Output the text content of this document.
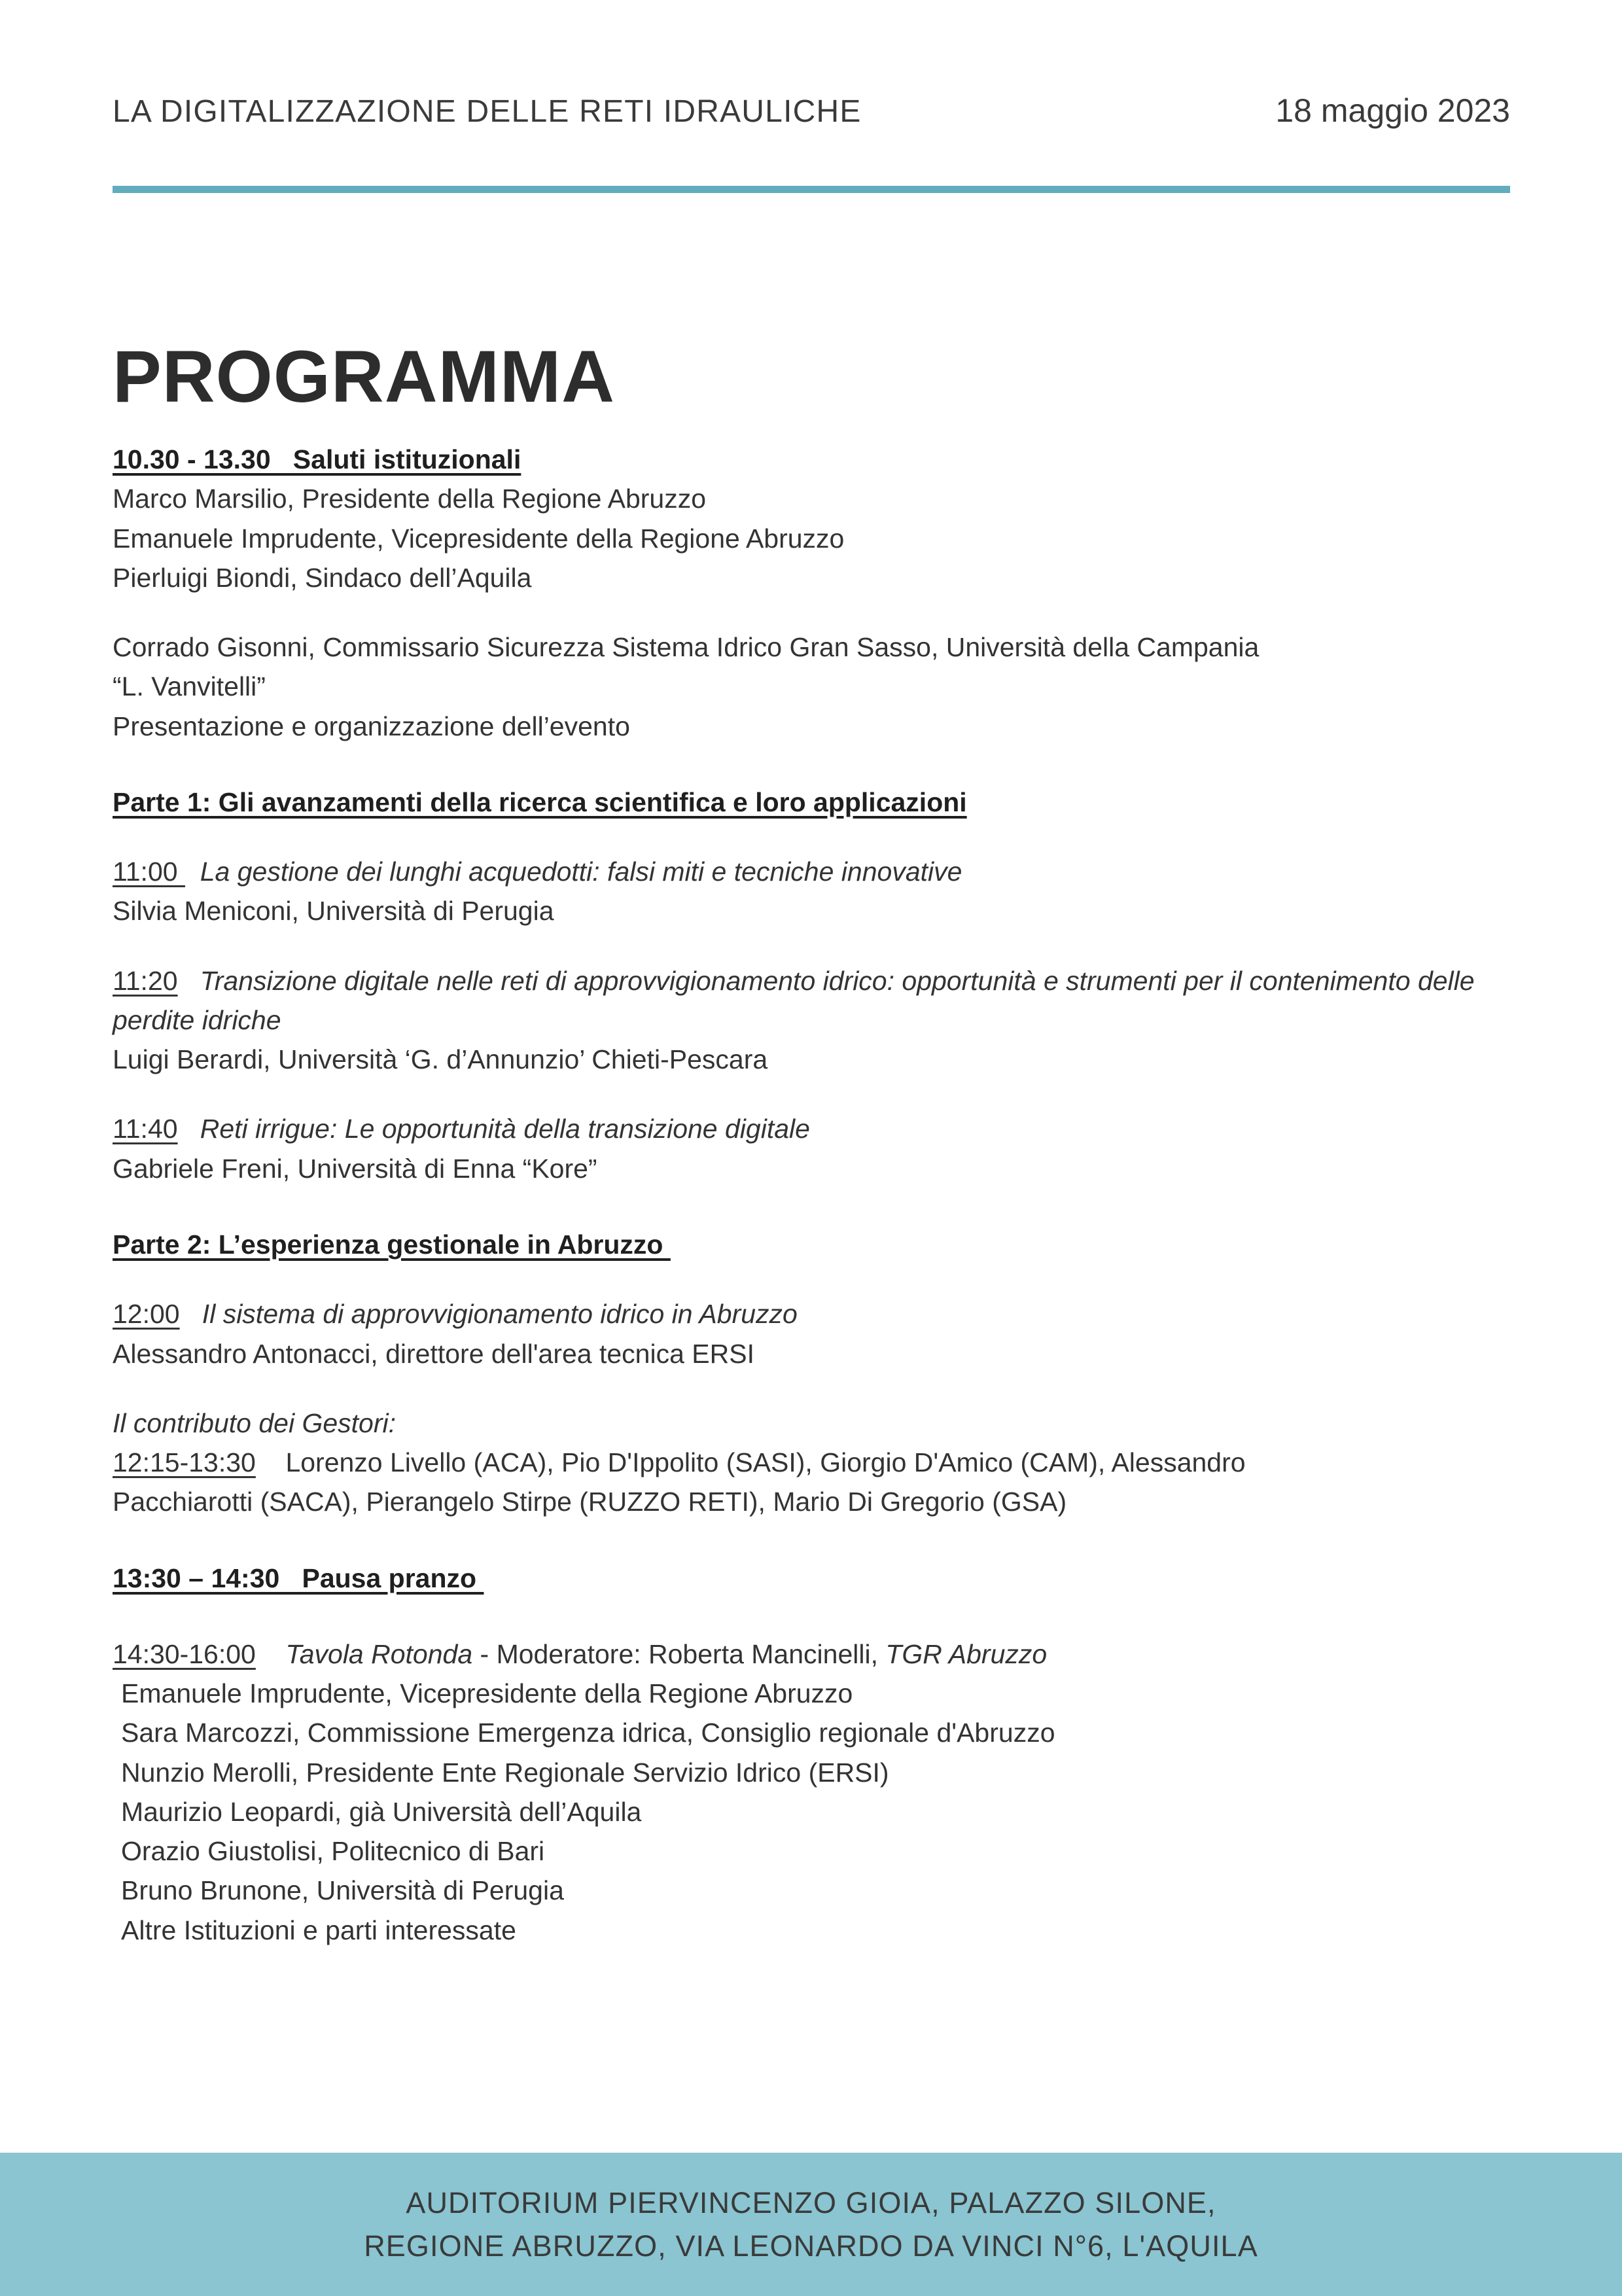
LA DIGITALIZZAZIONE DELLE RETI IDRAULICHE	18 maggio 2023
PROGRAMMA
10.30 - 13.30   Saluti istituzionali
Marco Marsilio, Presidente della Regione Abruzzo
Emanuele Imprudente, Vicepresidente della Regione Abruzzo
Pierluigi Biondi, Sindaco dell’Aquila
Corrado Gisonni, Commissario Sicurezza Sistema Idrico Gran Sasso, Università della Campania
“L. Vanvitelli”
Presentazione e organizzazione dell’evento
Parte 1: Gli avanzamenti della ricerca scientifica e loro applicazioni
11:00   La gestione dei lunghi acquedotti: falsi miti e tecniche innovative
Silvia Meniconi, Università di Perugia
11:20 Transizione digitale nelle reti di approvvigionamento idrico: opportunità e strumenti per il contenimento delle perdite idriche
Luigi Berardi, Università ‘G. d’Annunzio’ Chieti-Pescara
11:40 Reti irrigue: Le opportunità della transizione digitale
Gabriele Freni, Università di Enna “Kore”
Parte 2: L’esperienza gestionale in Abruzzo
12:00 Il sistema di approvvigionamento idrico in Abruzzo
Alessandro Antonacci, direttore dell'area tecnica ERSI
Il contributo dei Gestori:
12:15-13:30 Lorenzo Livello (ACA), Pio D'Ippolito (SASI), Giorgio D'Amico (CAM), Alessandro
Pacchiarotti (SACA), Pierangelo Stirpe (RUZZO RETI), Mario Di Gregorio (GSA)
13:30 – 14:30   Pausa pranzo
14:30-16:00 Tavola Rotonda - Moderatore: Roberta Mancinelli, TGR Abruzzo
Emanuele Imprudente, Vicepresidente della Regione Abruzzo
Sara Marcozzi, Commissione Emergenza idrica, Consiglio regionale d'Abruzzo
Nunzio Merolli, Presidente Ente Regionale Servizio Idrico (ERSI)
Maurizio Leopardi, già Università dell’Aquila
Orazio Giustolisi, Politecnico di Bari
Bruno Brunone, Università di Perugia
Altre Istituzioni e parti interessate
AUDITORIUM PIERVINCENZO GIOIA, PALAZZO SILONE,
REGIONE ABRUZZO, VIA LEONARDO DA VINCI N°6, L'AQUILA
